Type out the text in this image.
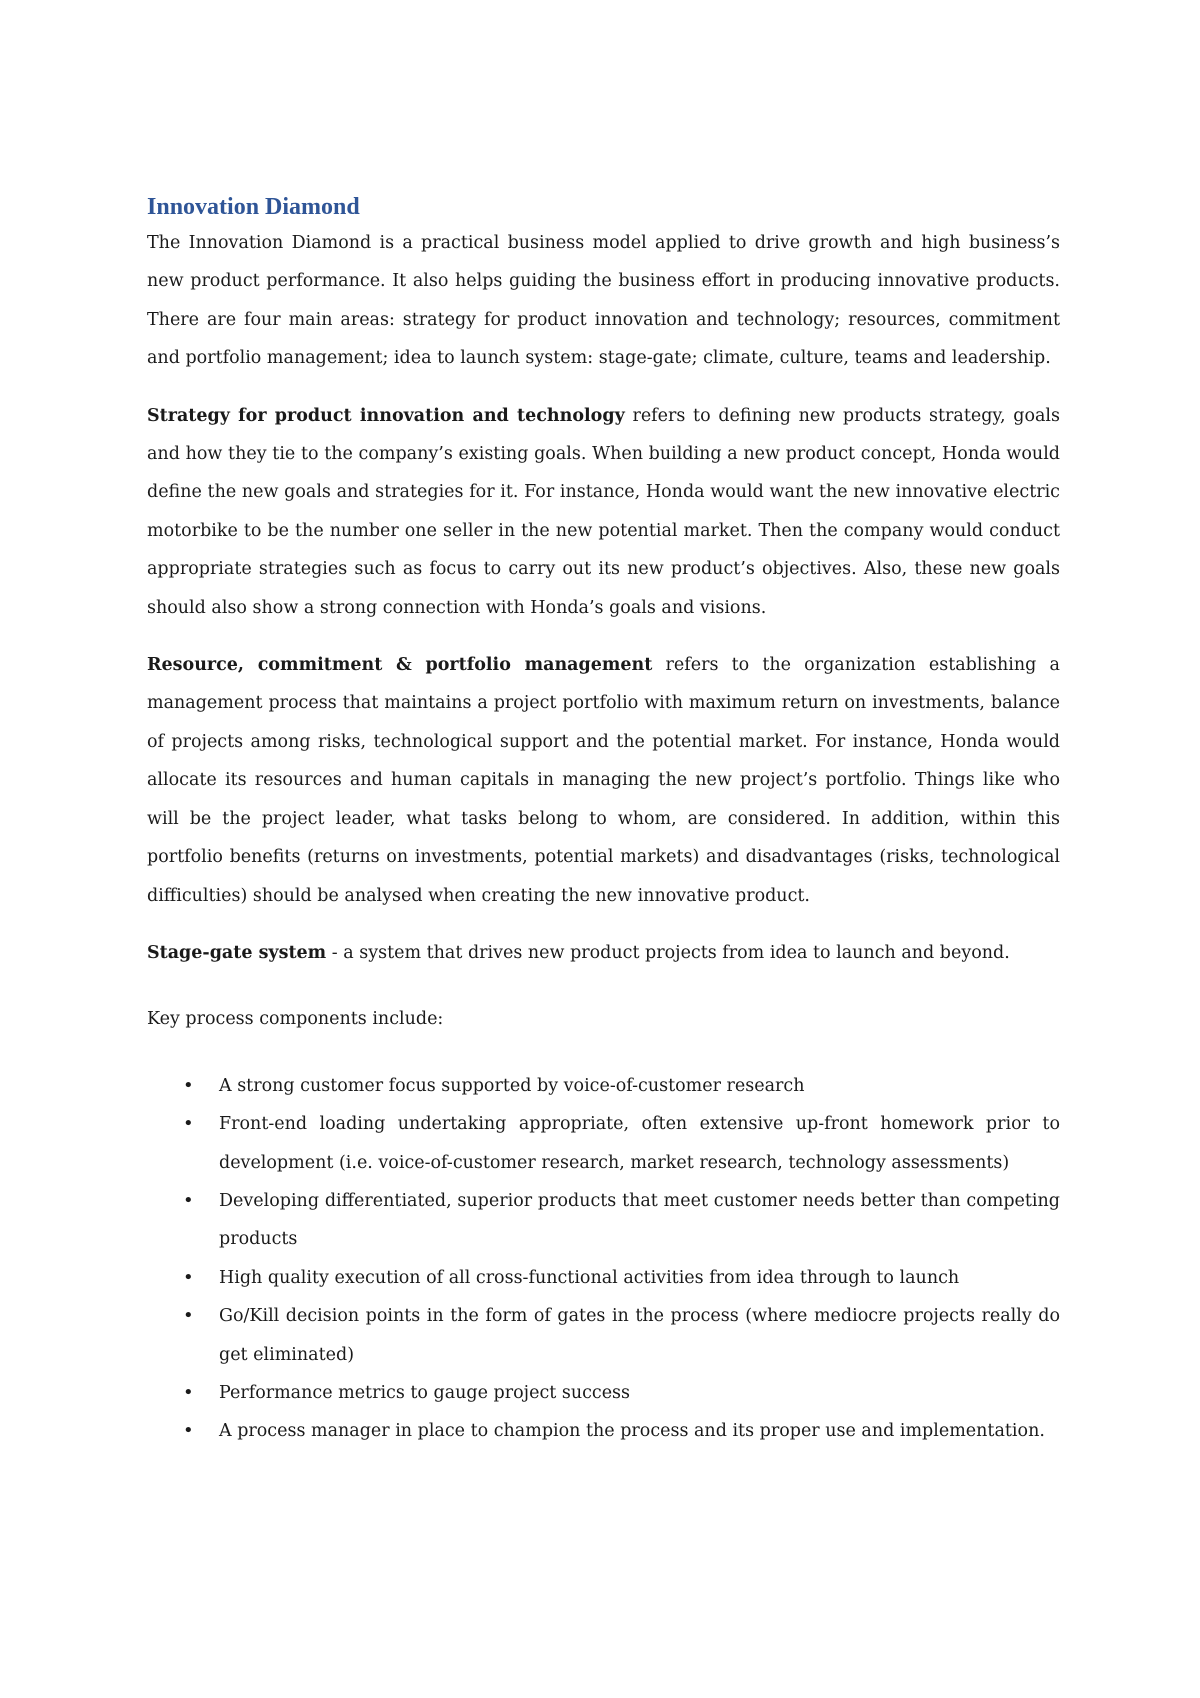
Innovation Diamond

The Innovation Diamond is a practical business model applied to drive growth and high business’s new product performance. It also helps guiding the business effort in producing innovative products. There are four main areas: strategy for product innovation and technology; resources, commitment and portfolio management; idea to launch system: stage-gate; climate, culture, teams and leadership.

Strategy for product innovation and technology refers to defining new products strategy, goals and how they tie to the company’s existing goals. When building a new product concept, Honda would define the new goals and strategies for it. For instance, Honda would want the new innovative electric motorbike to be the number one seller in the new potential market. Then the company would conduct appropriate strategies such as focus to carry out its new product’s objectives. Also, these new goals should also show a strong connection with Honda’s goals and visions.

Resource, commitment & portfolio management refers to the organization establishing a management process that maintains a project portfolio with maximum return on investments, balance of projects among risks, technological support and the potential market. For instance, Honda would allocate its resources and human capitals in managing the new project’s portfolio. Things like who will be the project leader, what tasks belong to whom, are considered. In addition, within this portfolio benefits (returns on investments, potential markets) and disadvantages (risks, technological difficulties) should be analysed when creating the new innovative product.

Stage-gate system - a system that drives new product projects from idea to launch and beyond.

Key process components include:

• A strong customer focus supported by voice-of-customer research
• Front-end loading undertaking appropriate, often extensive up-front homework prior to development (i.e. voice-of-customer research, market research, technology assessments)
• Developing differentiated, superior products that meet customer needs better than competing products
• High quality execution of all cross-functional activities from idea through to launch
• Go/Kill decision points in the form of gates in the process (where mediocre projects really do get eliminated)
• Performance metrics to gauge project success
• A process manager in place to champion the process and its proper use and implementation.
